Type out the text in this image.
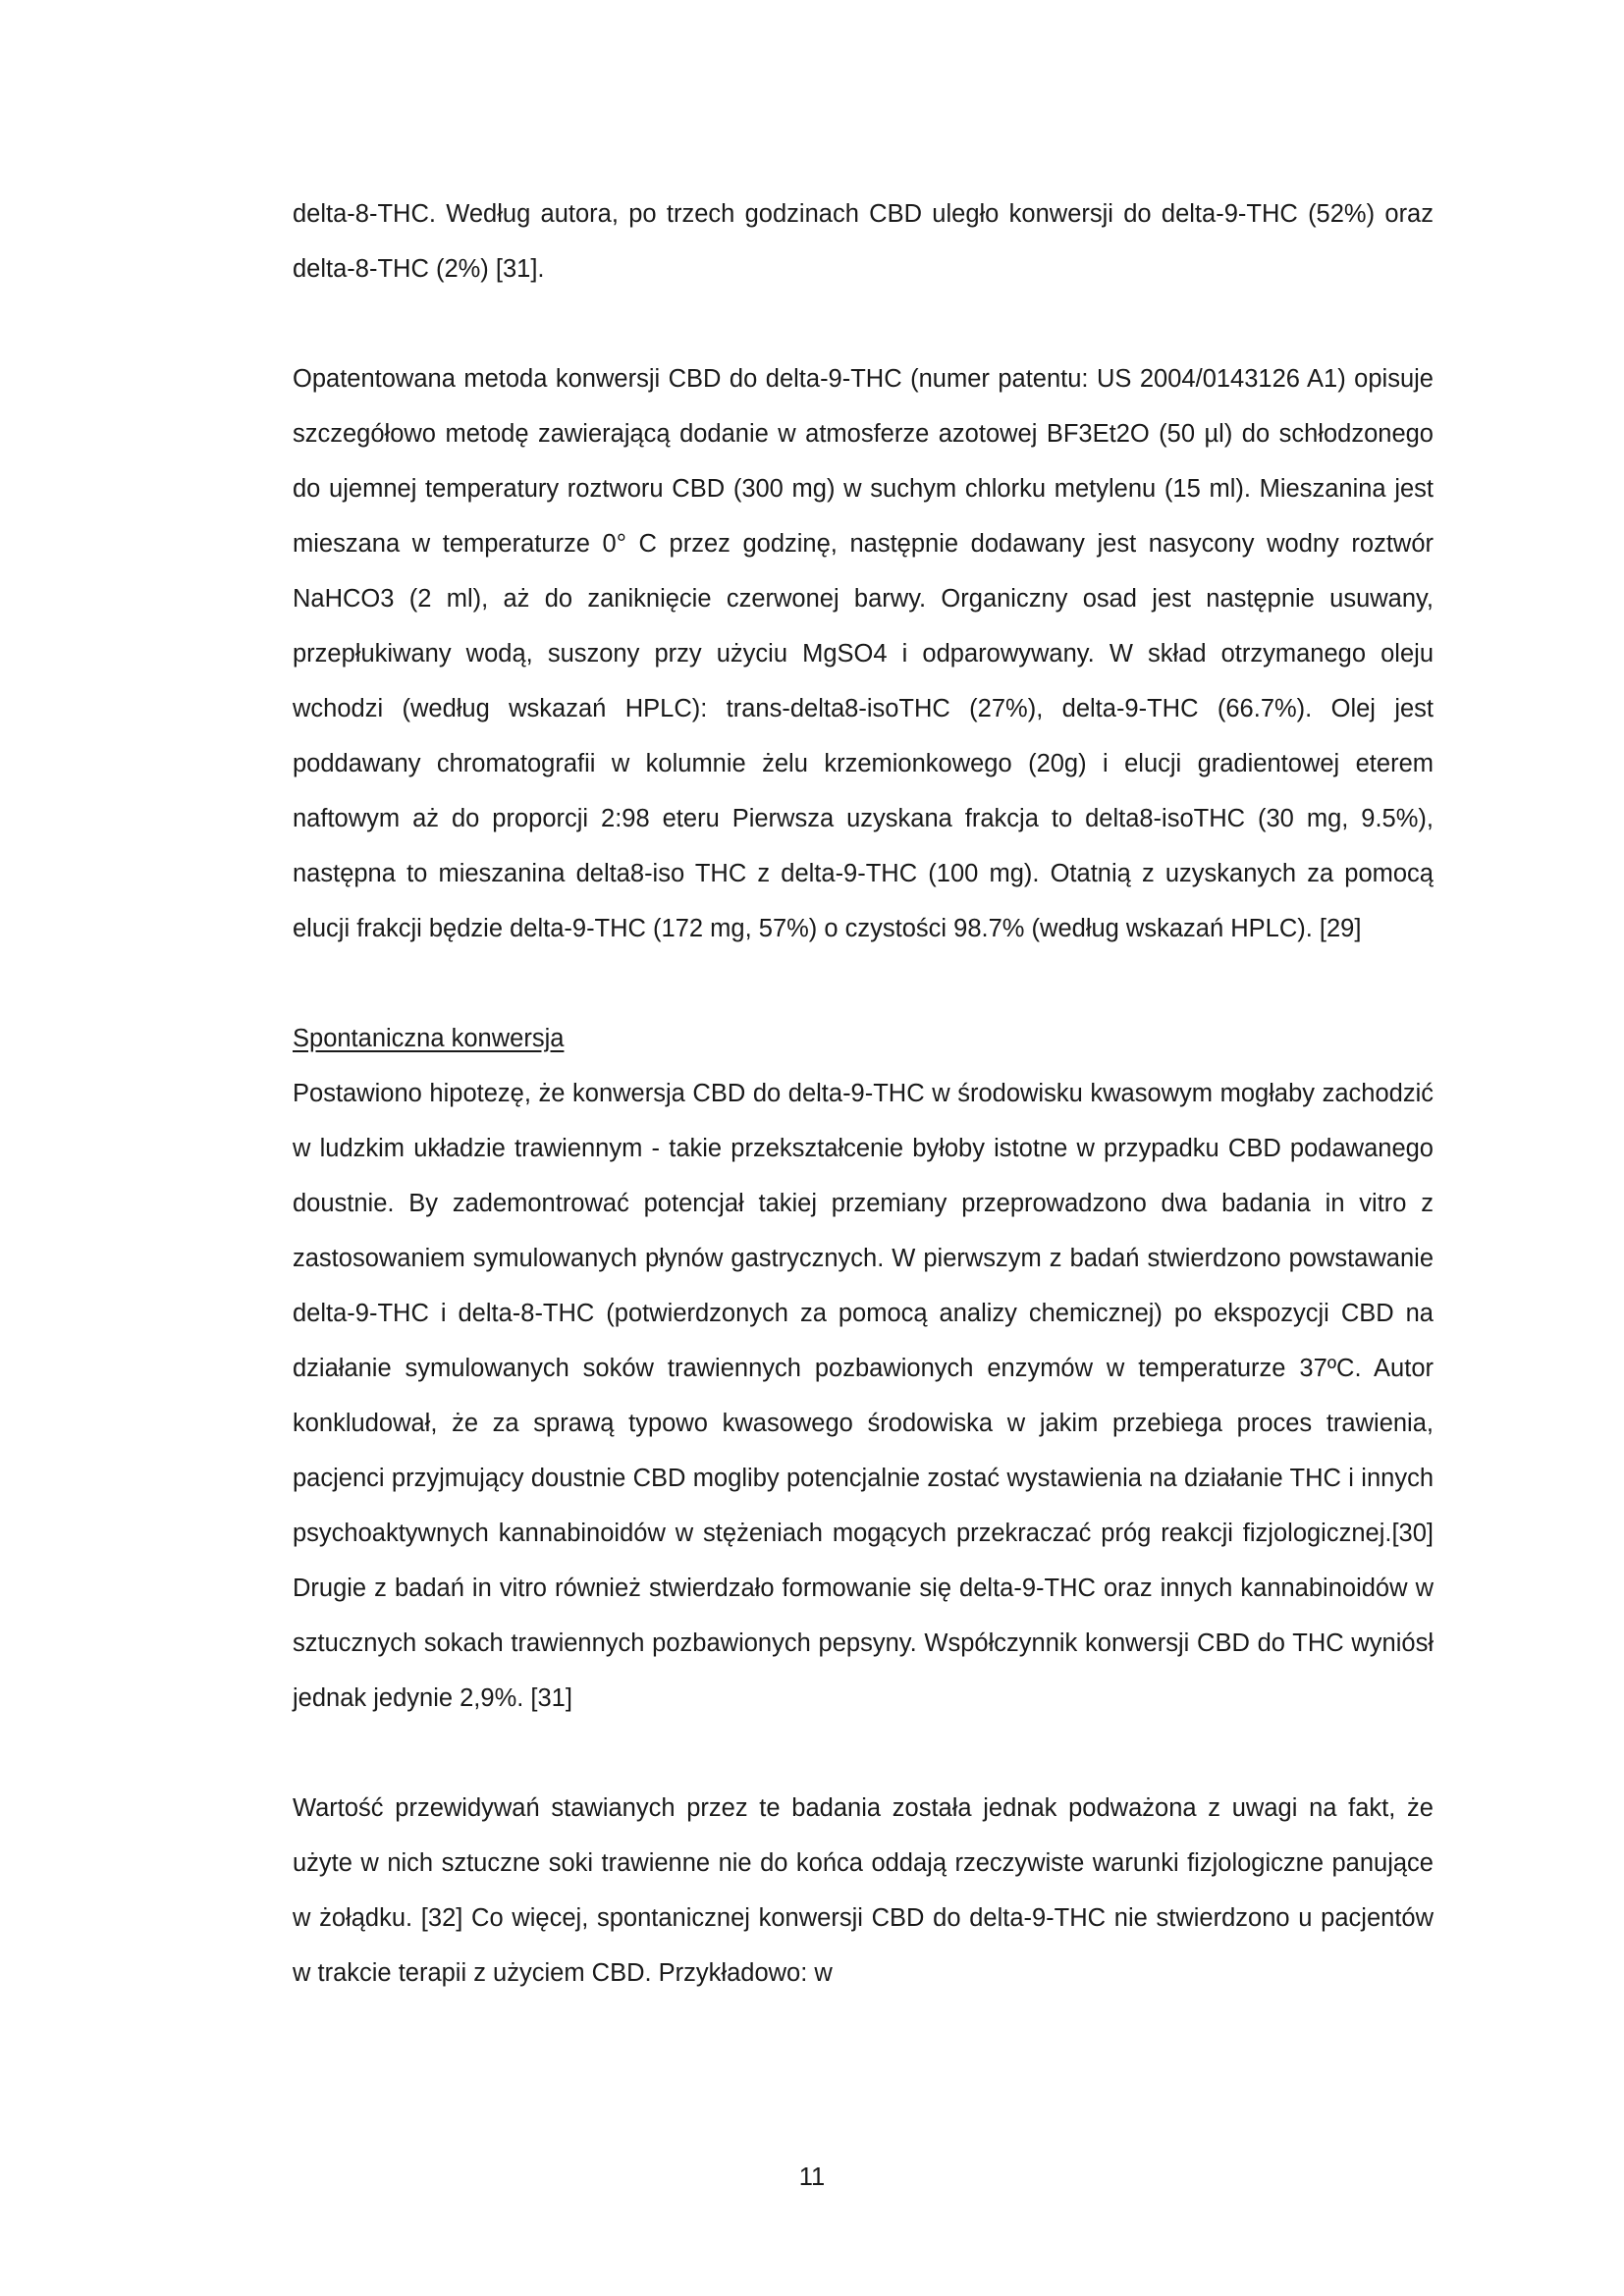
delta-8-THC. Według autora, po trzech godzinach CBD uległo konwersji do delta-9-THC (52%) oraz delta-8-THC (2%) [31].

Opatentowana metoda konwersji CBD do delta-9-THC (numer patentu: US 2004/0143126 A1) opisuje szczegółowo metodę zawierającą dodanie w atmosferze azotowej BF3Et2O (50 µl) do schłodzonego do ujemnej temperatury roztworu CBD (300 mg) w suchym chlorku metylenu (15 ml). Mieszanina jest mieszana w temperaturze 0° C przez godzinę, następnie dodawany jest nasycony wodny roztwór NaHCO3 (2 ml), aż do zaniknięcie czerwonej barwy. Organiczny osad jest następnie usuwany, przepłukiwany wodą, suszony przy użyciu MgSO4 i odparowywany. W skład otrzymanego oleju wchodzi (według wskazań HPLC): trans-delta8-isoTHC (27%), delta-9-THC (66.7%). Olej jest poddawany chromatografii w kolumnie żelu krzemionkowego (20g) i elucji gradientowej eterem naftowym aż do proporcji 2:98 eteru Pierwsza uzyskana frakcja to delta8-isoTHC (30 mg, 9.5%), następna to mieszanina delta8-iso THC z delta-9-THC (100 mg). Otatnią z uzyskanych za pomocą elucji frakcji będzie delta-9-THC (172 mg, 57%) o czystości 98.7% (według wskazań HPLC). [29]

Spontaniczna konwersja

Postawiono hipotezę, że konwersja CBD do delta-9-THC w środowisku kwasowym mogłaby zachodzić w ludzkim układzie trawiennym - takie przekształcenie byłoby istotne w przypadku CBD podawanego doustnie. By zademontrować potencjał takiej przemiany przeprowadzono dwa badania in vitro z zastosowaniem symulowanych płynów gastrycznych. W pierwszym z badań stwierdzono powstawanie delta-9-THC i delta-8-THC (potwierdzonych za pomocą analizy chemicznej) po ekspozycji CBD na działanie symulowanych soków trawiennych pozbawionych enzymów w temperaturze 37ºC. Autor konkludował, że za sprawą typowo kwasowego środowiska w jakim przebiega proces trawienia, pacjenci przyjmujący doustnie CBD mogliby potencjalnie zostać wystawienia na działanie THC i innych psychoaktywnych kannabinoidów w stężeniach mogących przekraczać próg reakcji fizjologicznej.[30] Drugie z badań in vitro również stwierdzało formowanie się delta-9-THC oraz innych kannabinoidów w sztucznych sokach trawiennych pozbawionych pepsyny. Współczynnik konwersji CBD do THC wyniósł jednak jedynie 2,9%. [31]

Wartość przewidywań stawianych przez te badania została jednak podważona z uwagi na fakt, że użyte w nich sztuczne soki trawienne nie do końca oddają rzeczywiste warunki fizjologiczne panujące w żołądku. [32] Co więcej, spontanicznej konwersji CBD do delta-9-THC nie stwierdzono u pacjentów w trakcie terapii z użyciem CBD. Przykładowo: w

11
